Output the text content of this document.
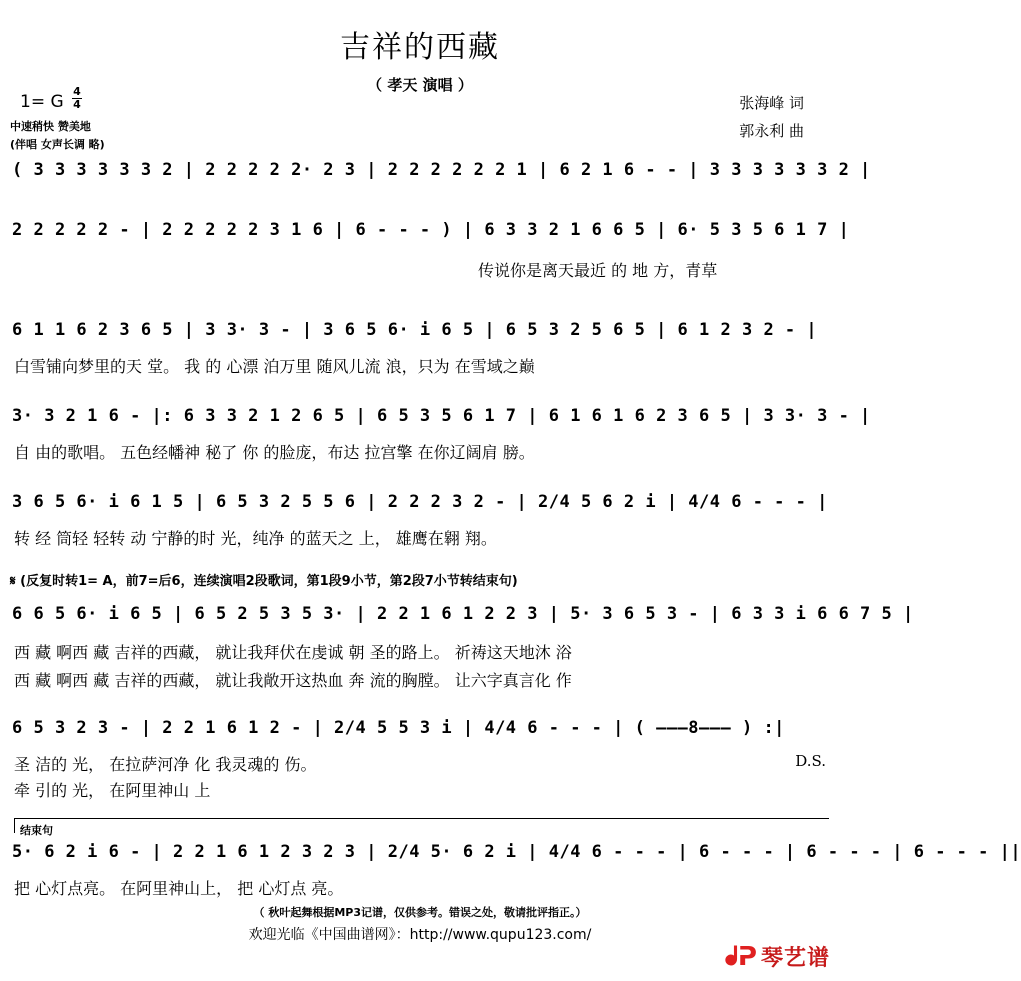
吉祥的西藏
（ 孝天 演唱 ）
1= G
4
4
中速稍快 赞美地
(伴唱 女声长调 略)
张海峰 词
郭永利 曲
( 3 3 3 3 3 3 2 | 2 2 2 2 2· 2 3 | 2 2 2 2 2 2 1 | 6 2 1 6 - - | 3 3 3 3 3 3 2 |
2 2 2 2 2 - | 2 2 2 2 2 3 1 6 | 6 - - - ) | 6 3 3 2 1 6 6 5 | 6· 5 3 5 6 1 7 |
传说你是离天最近 的 地 方，青草
6 1 1 6 2 3 6 5 | 3 3· 3 - | 3 6 5 6· i 6 5 | 6 5 3 2 5 6 5 | 6 1 2 3 2 - |
白雪铺向梦里的天 堂。 我 的 心漂 泊万里 随风儿流 浪，只为 在雪域之巅
3· 3 2 1 6 - |: 6 3 3 2 1 2 6 5 | 6 5 3 5 6 1 7 | 6 1 6 1 6 2 3 6 5 | 3 3· 3 - |
自 由的歌唱。 五色经幡神 秘了 你 的脸庞，布达 拉宫擎 在你辽阔肩 膀。
3 6 5 6· i 6 1 5 | 6 5 3 2 5 5 6 | 2 2 2 3 2 - | 2/4 5 6 2 i | 4/4 6 - - - |
转 经 筒轻 轻转 动 宁静的时 光，纯净 的蓝天之 上， 雄鹰在翱 翔。
𝄋 (反复时转1= A，前7=后6，连续演唱2段歌词，第1段9小节，第2段7小节转结束句)
6 6 5 6· i 6 5 | 6 5 2 5 3 5 3· | 2 2 1 6 1 2 2 3 | 5· 3 6 5 3 - | 6 3 3 i 6 6 7 5 |
西 藏 啊西 藏 吉祥的西藏， 就让我拜伏在虔诚 朝 圣的路上。 祈祷这天地沐 浴
西 藏 啊西 藏 吉祥的西藏， 就让我敞开这热血 奔 流的胸膛。 让六字真言化 作
6 5 3 2 3 - | 2 2 1 6 1 2 - | 2/4 5 5 3 i | 4/4 6 - - - | ( ———8——— ) :|
圣 洁的 光， 在拉萨河净 化 我灵魂的 伤。
牵 引的 光， 在阿里神山 上
D.S.
结束句
5· 6 2 i 6 - | 2 2 1 6 1 2 3 2 3 | 2/4 5· 6 2 i | 4/4 6 - - - | 6 - - - | 6 - - - | 6 - - - ||
把 心灯点亮。 在阿里神山上， 把 心灯点 亮。
（ 秋叶起舞根据MP3记谱，仅供参考。错误之处，敬请批评指正。）
欢迎光临《中国曲谱网》：http://www.qupu123.com/
ᖱᕈ 琴艺谱
